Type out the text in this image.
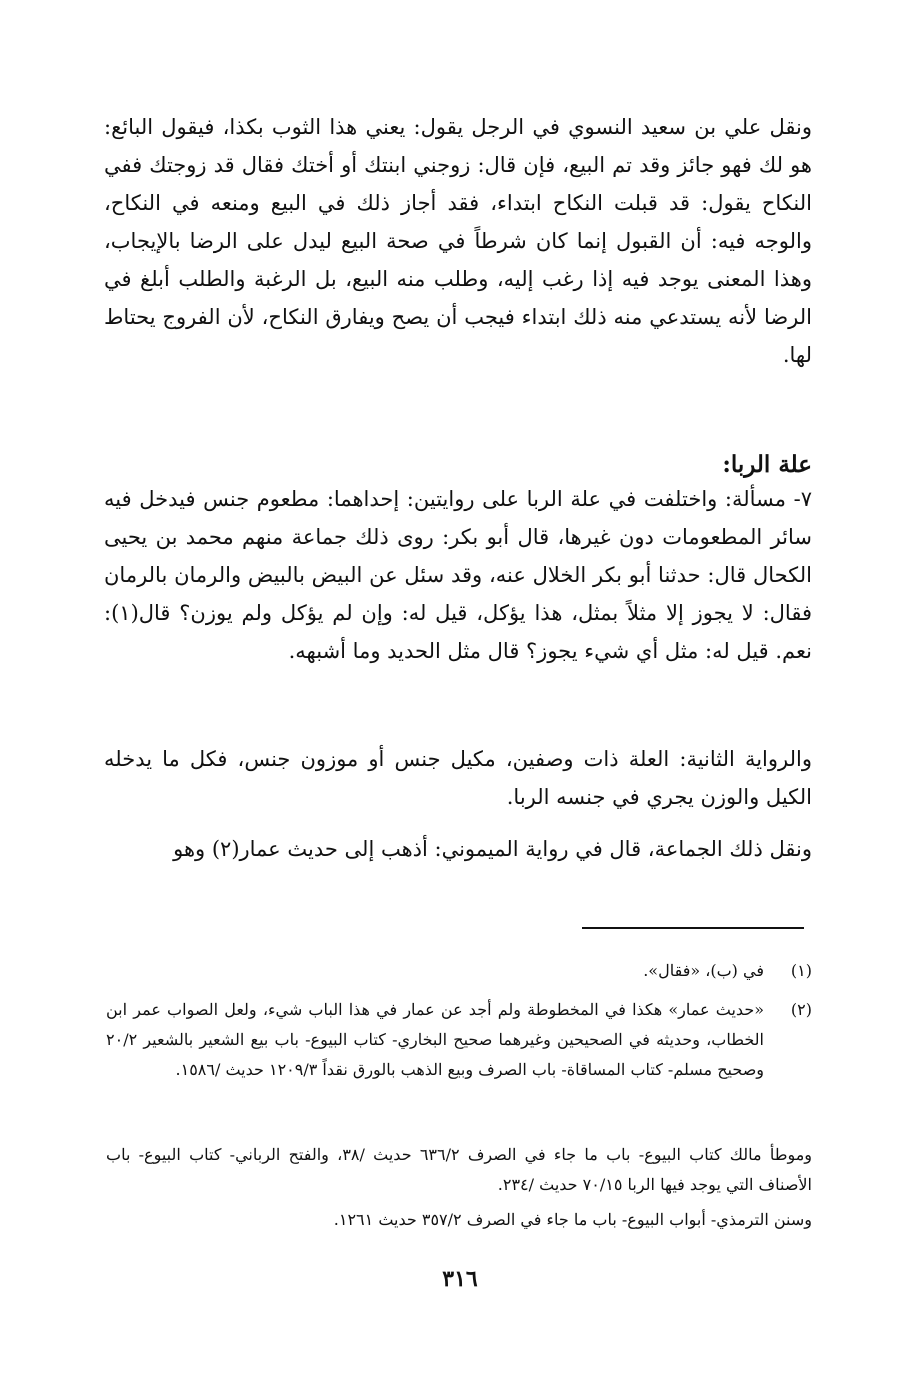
ونقل علي بن سعيد النسوي في الرجل يقول: يعني هذا الثوب بكذا، فيقول البائع: هو لك فهو جائز وقد تم البيع، فإن قال: زوجني ابنتك أو أختك فقال قد زوجتك ففي النكاح يقول: قد قبلت النكاح ابتداء، فقد أجاز ذلك في البيع ومنعه في النكاح، والوجه فيه: أن القبول إنما كان شرطاً في صحة البيع ليدل على الرضا بالإيجاب، وهذا المعنى يوجد فيه إذا رغب إليه، وطلب منه البيع، بل الرغبة والطلب أبلغ في الرضا لأنه يستدعي منه ذلك ابتداء فيجب أن يصح ويفارق النكاح، لأن الفروج يحتاط لها.

علة الربا:

٧- مسألة: واختلفت في علة الربا على روايتين: إحداهما: مطعوم جنس فيدخل فيه سائر المطعومات دون غيرها، قال أبو بكر: روى ذلك جماعة منهم محمد بن يحيى الكحال قال: حدثنا أبو بكر الخلال عنه، وقد سئل عن البيض بالبيض والرمان بالرمان فقال: لا يجوز إلا مثلاً بمثل، هذا يؤكل، قيل له: وإن لم يؤكل ولم يوزن؟ قال(١): نعم. قيل له: مثل أي شيء يجوز؟ قال مثل الحديد وما أشبهه.

والرواية الثانية: العلة ذات وصفين، مكيل جنس أو موزون جنس، فكل ما يدخله الكيل والوزن يجري في جنسه الربا.

ونقل ذلك الجماعة، قال في رواية الميموني: أذهب إلى حديث عمار(٢) وهو

(١)
في (ب)، «فقال».
(٢)
«حديث عمار» هكذا في المخطوطة ولم أجد عن عمار في هذا الباب شيء، ولعل الصواب عمر ابن الخطاب، وحديثه في الصحيحين وغيرهما صحيح البخاري- كتاب البيوع- باب بيع الشعير بالشعير ٢٠/٢ وصحيح مسلم- كتاب المساقاة- باب الصرف وبيع الذهب بالورق نقداً ١٢٠٩/٣ حديث /١٥٨٦.
وموطأ مالك كتاب البيوع- باب ما جاء في الصرف ٦٣٦/٢ حديث /٣٨، والفتح الرباني- كتاب البيوع- باب الأصناف التي يوجد فيها الربا ٧٠/١٥ حديث /٢٣٤.
وسنن الترمذي- أبواب البيوع- باب ما جاء في الصرف ٣٥٧/٢ حديث ١٢٦١.
٣١٦
